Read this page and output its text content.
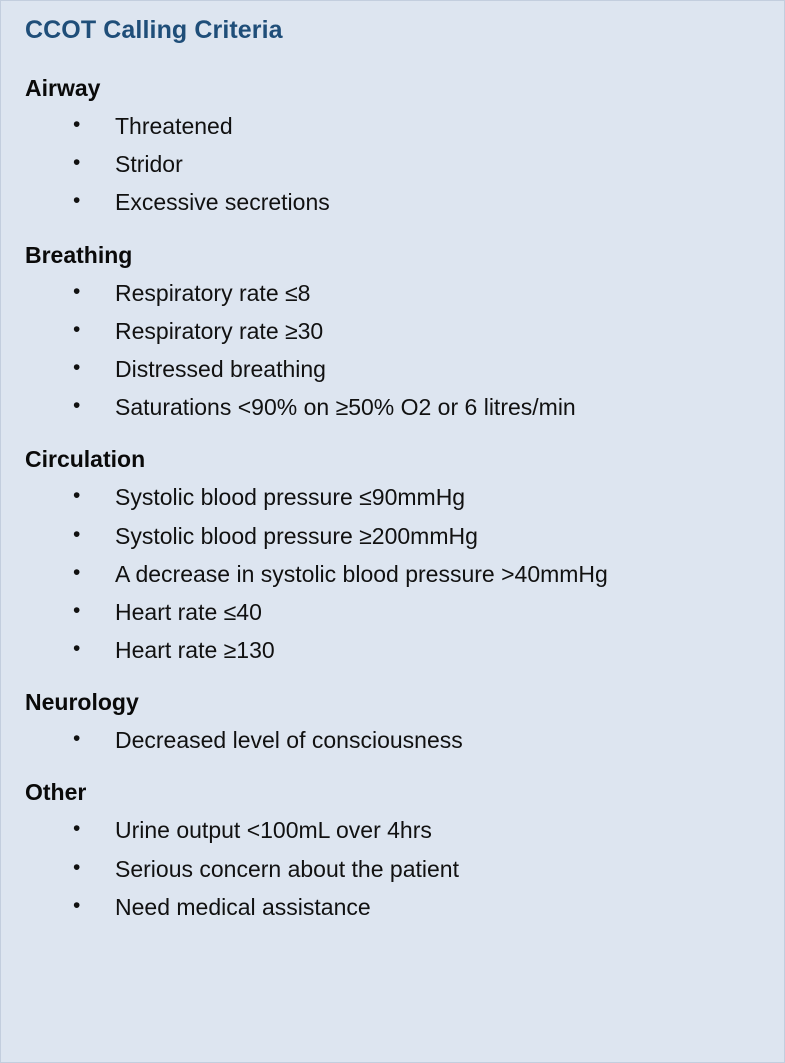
CCOT Calling Criteria
Airway
• Threatened
• Stridor
• Excessive secretions
Breathing
• Respiratory rate ≤8
• Respiratory rate ≥30
• Distressed breathing
• Saturations <90% on ≥50% O2 or 6 litres/min
Circulation
• Systolic blood pressure ≤90mmHg
• Systolic blood pressure ≥200mmHg
• A decrease in systolic blood pressure >40mmHg
• Heart rate ≤40
• Heart rate ≥130
Neurology
• Decreased level of consciousness
Other
• Urine output <100mL over 4hrs
• Serious concern about the patient
• Need medical assistance
